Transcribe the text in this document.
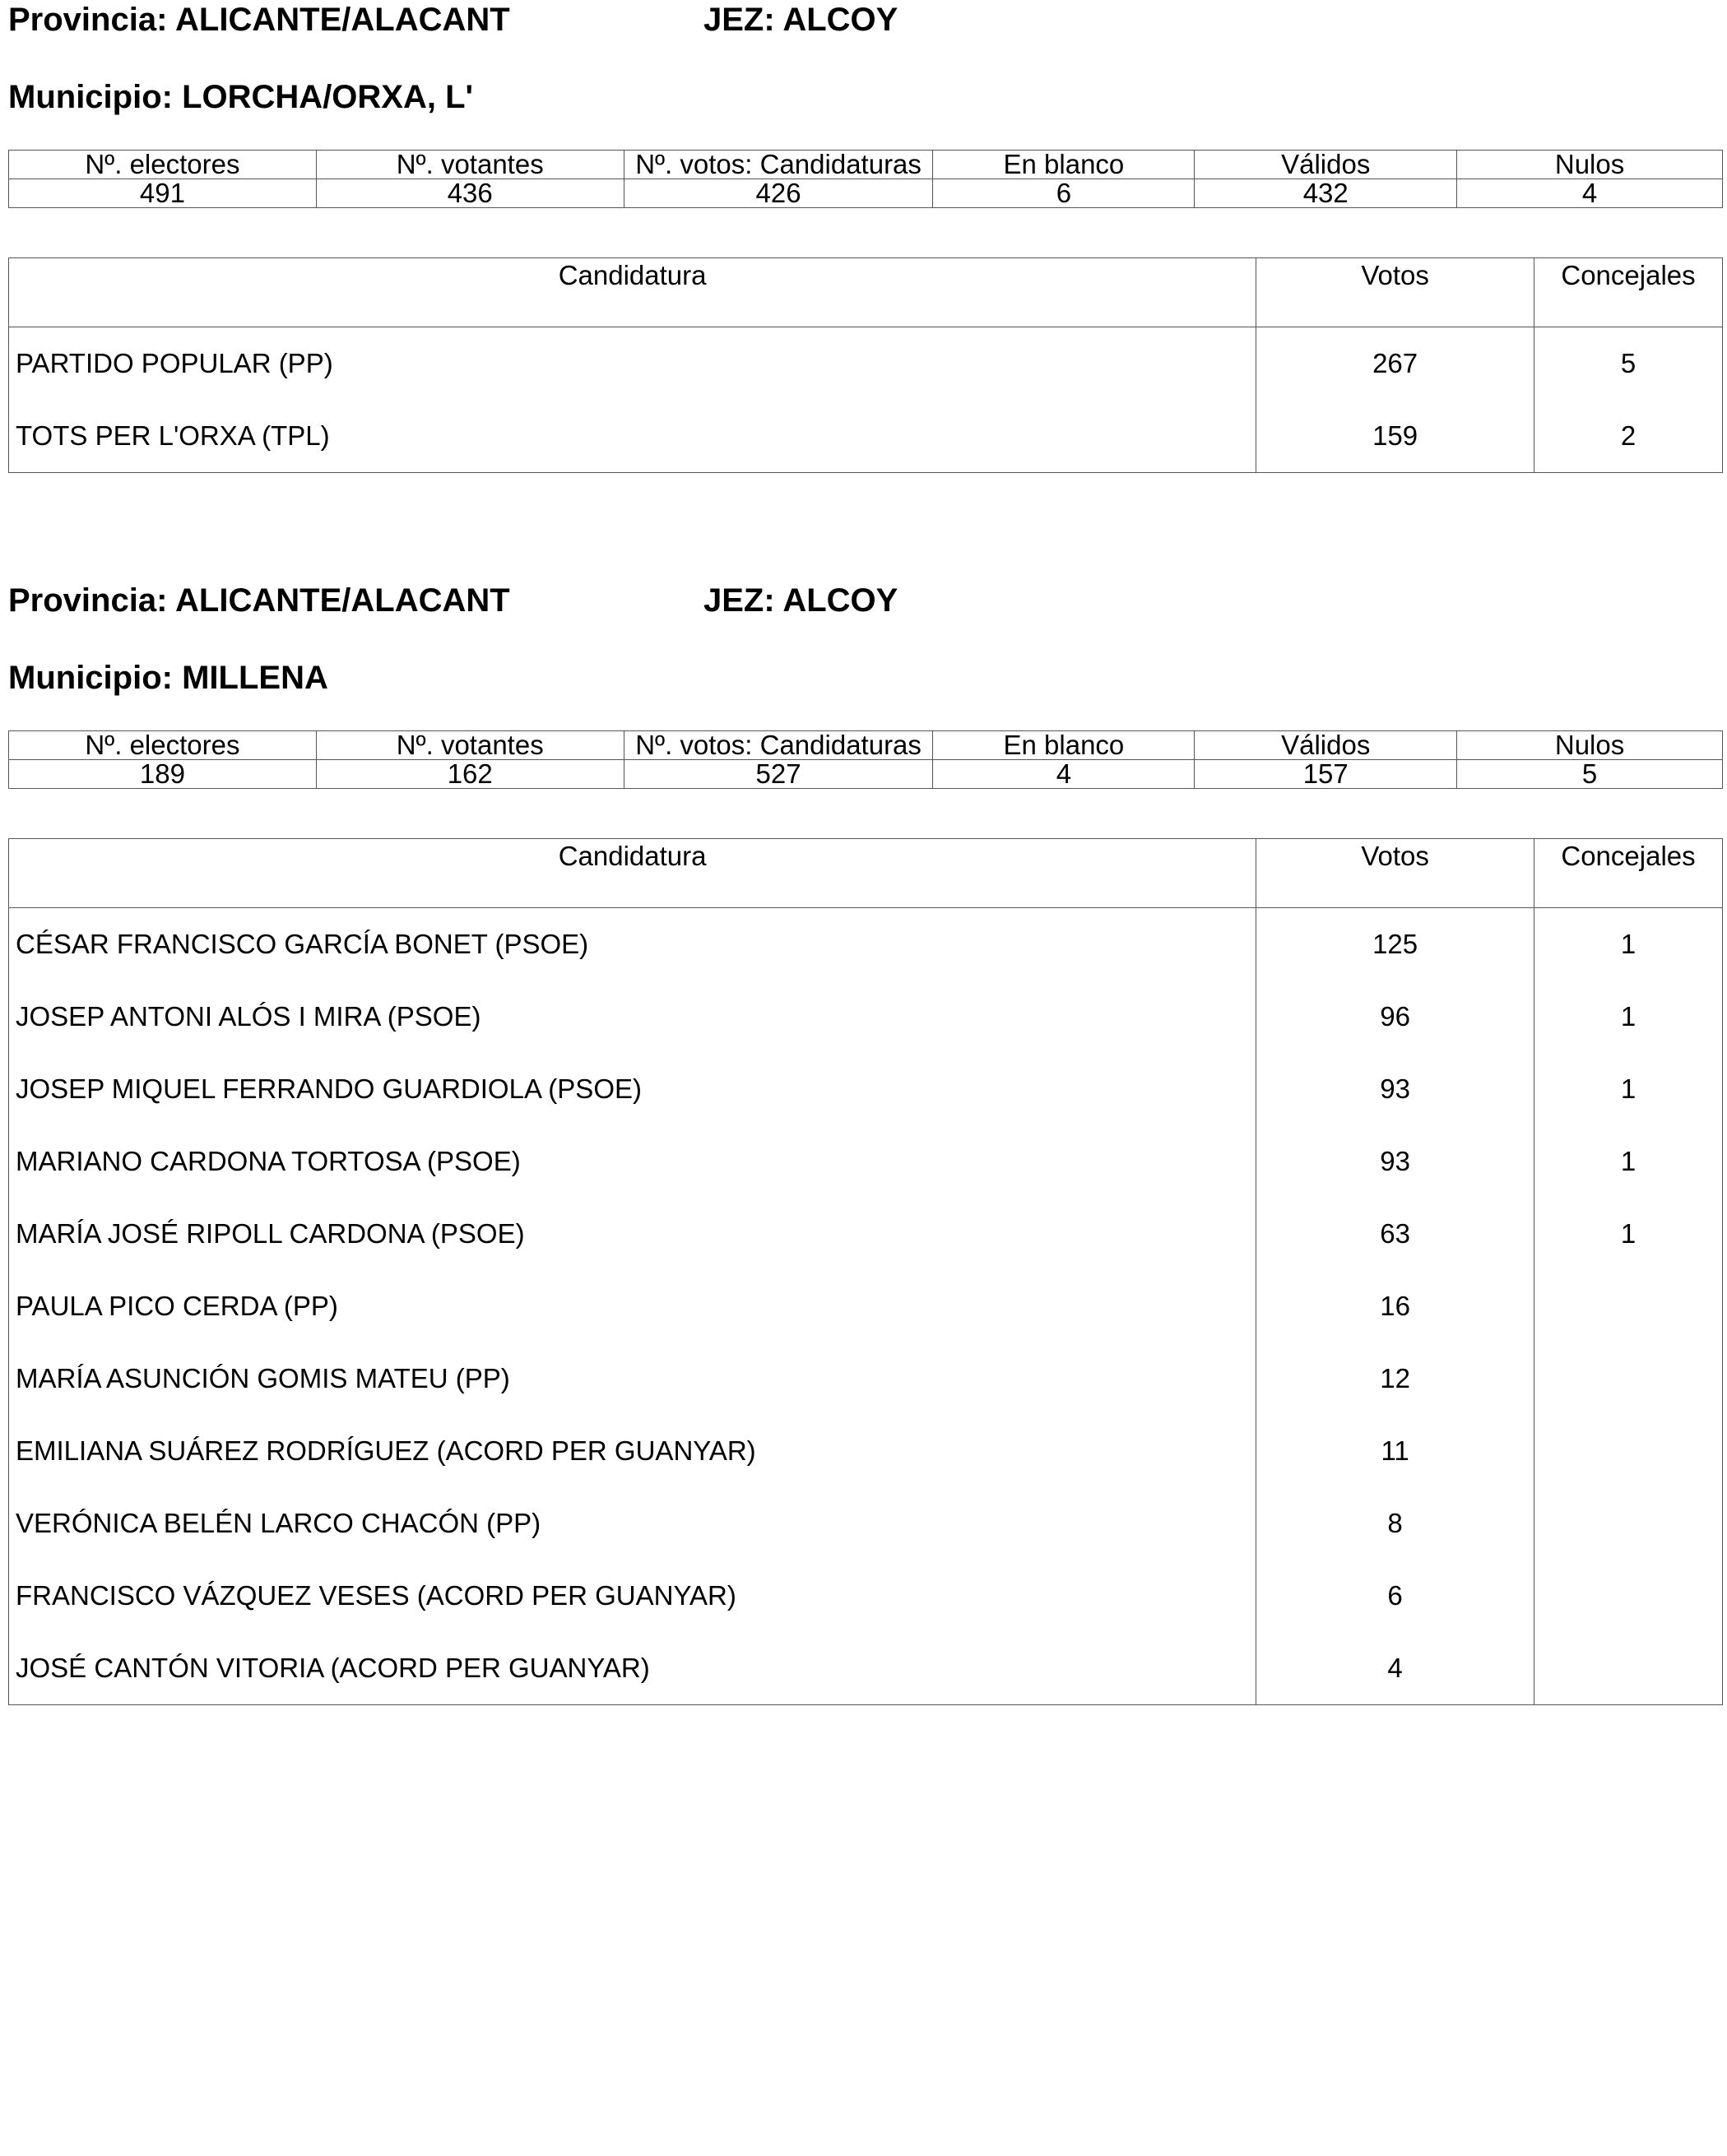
Provincia: ALICANTE/ALACANT	JEZ: ALCOY
Municipio: LORCHA/ORXA, L'
Nº. electores	Nº. votantes	Nº. votos: Candidaturas	En blanco	Válidos	Nulos
491	436	426	6	432	4
Candidatura	Votos	Concejales
PARTIDO POPULAR (PP)	267	5
TOTS PER L'ORXA (TPL)	159	2
Provincia: ALICANTE/ALACANT	JEZ: ALCOY
Municipio: MILLENA
Nº. electores	Nº. votantes	Nº. votos: Candidaturas	En blanco	Válidos	Nulos
189	162	527	4	157	5
Candidatura	Votos	Concejales
CÉSAR FRANCISCO GARCÍA BONET (PSOE)	125	1
JOSEP ANTONI ALÓS I MIRA (PSOE)	96	1
JOSEP MIQUEL FERRANDO GUARDIOLA (PSOE)	93	1
MARIANO CARDONA TORTOSA (PSOE)	93	1
MARÍA JOSÉ RIPOLL CARDONA (PSOE)	63	1
PAULA PICO CERDA (PP)	16	
MARÍA ASUNCIÓN GOMIS MATEU (PP)	12	
EMILIANA SUÁREZ RODRÍGUEZ (ACORD PER GUANYAR)	11	
VERÓNICA BELÉN LARCO CHACÓN (PP)	8	
FRANCISCO VÁZQUEZ VESES (ACORD PER GUANYAR)	6	
JOSÉ CANTÓN VITORIA (ACORD PER GUANYAR)	4	
